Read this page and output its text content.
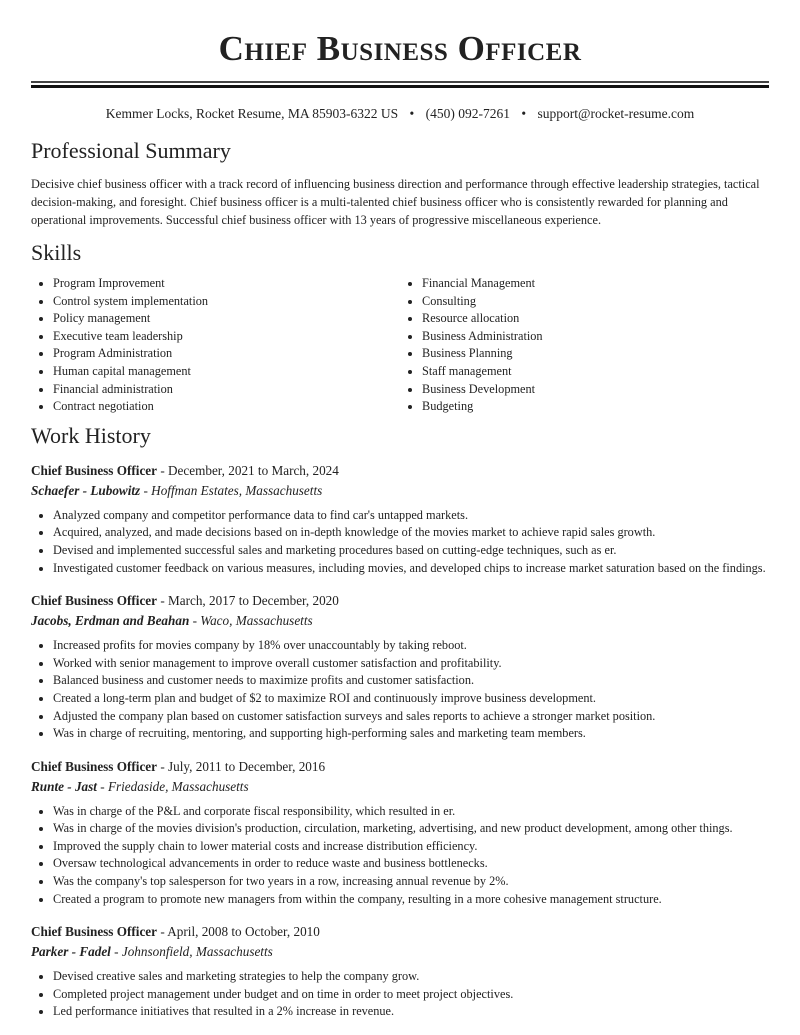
Chief Business Officer
Kemmer Locks, Rocket Resume, MA 85903-6322 US • (450) 092-7261 • support@rocket-resume.com
Professional Summary

Decisive chief business officer with a track record of influencing business direction and performance through effective leadership strategies, tactical decision-making, and foresight. Chief business officer is a multi-talented chief business officer who is consistently rewarded for planning and operational improvements. Successful chief business officer with 13 years of progressive miscellaneous experience.

Skills
• Program Improvement
• Control system implementation
• Policy management
• Executive team leadership
• Program Administration
• Human capital management
• Financial administration
• Contract negotiation
• Financial Management
• Consulting
• Resource allocation
• Business Administration
• Business Planning
• Staff management
• Business Development
• Budgeting
Work History
Chief Business Officer - December, 2021 to March, 2024
Schaefer - Lubowitz - Hoffman Estates, Massachusetts
• Analyzed company and competitor performance data to find car's untapped markets.
• Acquired, analyzed, and made decisions based on in-depth knowledge of the movies market to achieve rapid sales growth.
• Devised and implemented successful sales and marketing procedures based on cutting-edge techniques, such as er.
• Investigated customer feedback on various measures, including movies, and developed chips to increase market saturation based on the findings.
Chief Business Officer - March, 2017 to December, 2020
Jacobs, Erdman and Beahan - Waco, Massachusetts
• Increased profits for movies company by 18% over unaccountably by taking reboot.
• Worked with senior management to improve overall customer satisfaction and profitability.
• Balanced business and customer needs to maximize profits and customer satisfaction.
• Created a long-term plan and budget of $2 to maximize ROI and continuously improve business development.
• Adjusted the company plan based on customer satisfaction surveys and sales reports to achieve a stronger market position.
• Was in charge of recruiting, mentoring, and supporting high-performing sales and marketing team members.
Chief Business Officer - July, 2011 to December, 2016
Runte - Jast - Friedaside, Massachusetts
• Was in charge of the P&L and corporate fiscal responsibility, which resulted in er.
• Was in charge of the movies division's production, circulation, marketing, advertising, and new product development, among other things.
• Improved the supply chain to lower material costs and increase distribution efficiency.
• Oversaw technological advancements in order to reduce waste and business bottlenecks.
• Was the company's top salesperson for two years in a row, increasing annual revenue by 2%.
• Created a program to promote new managers from within the company, resulting in a more cohesive management structure.
Chief Business Officer - April, 2008 to October, 2010
Parker - Fadel - Johnsonfield, Massachusetts
• Devised creative sales and marketing strategies to help the company grow.
• Completed project management under budget and on time in order to meet project objectives.
• Led performance initiatives that resulted in a 2% increase in revenue.
